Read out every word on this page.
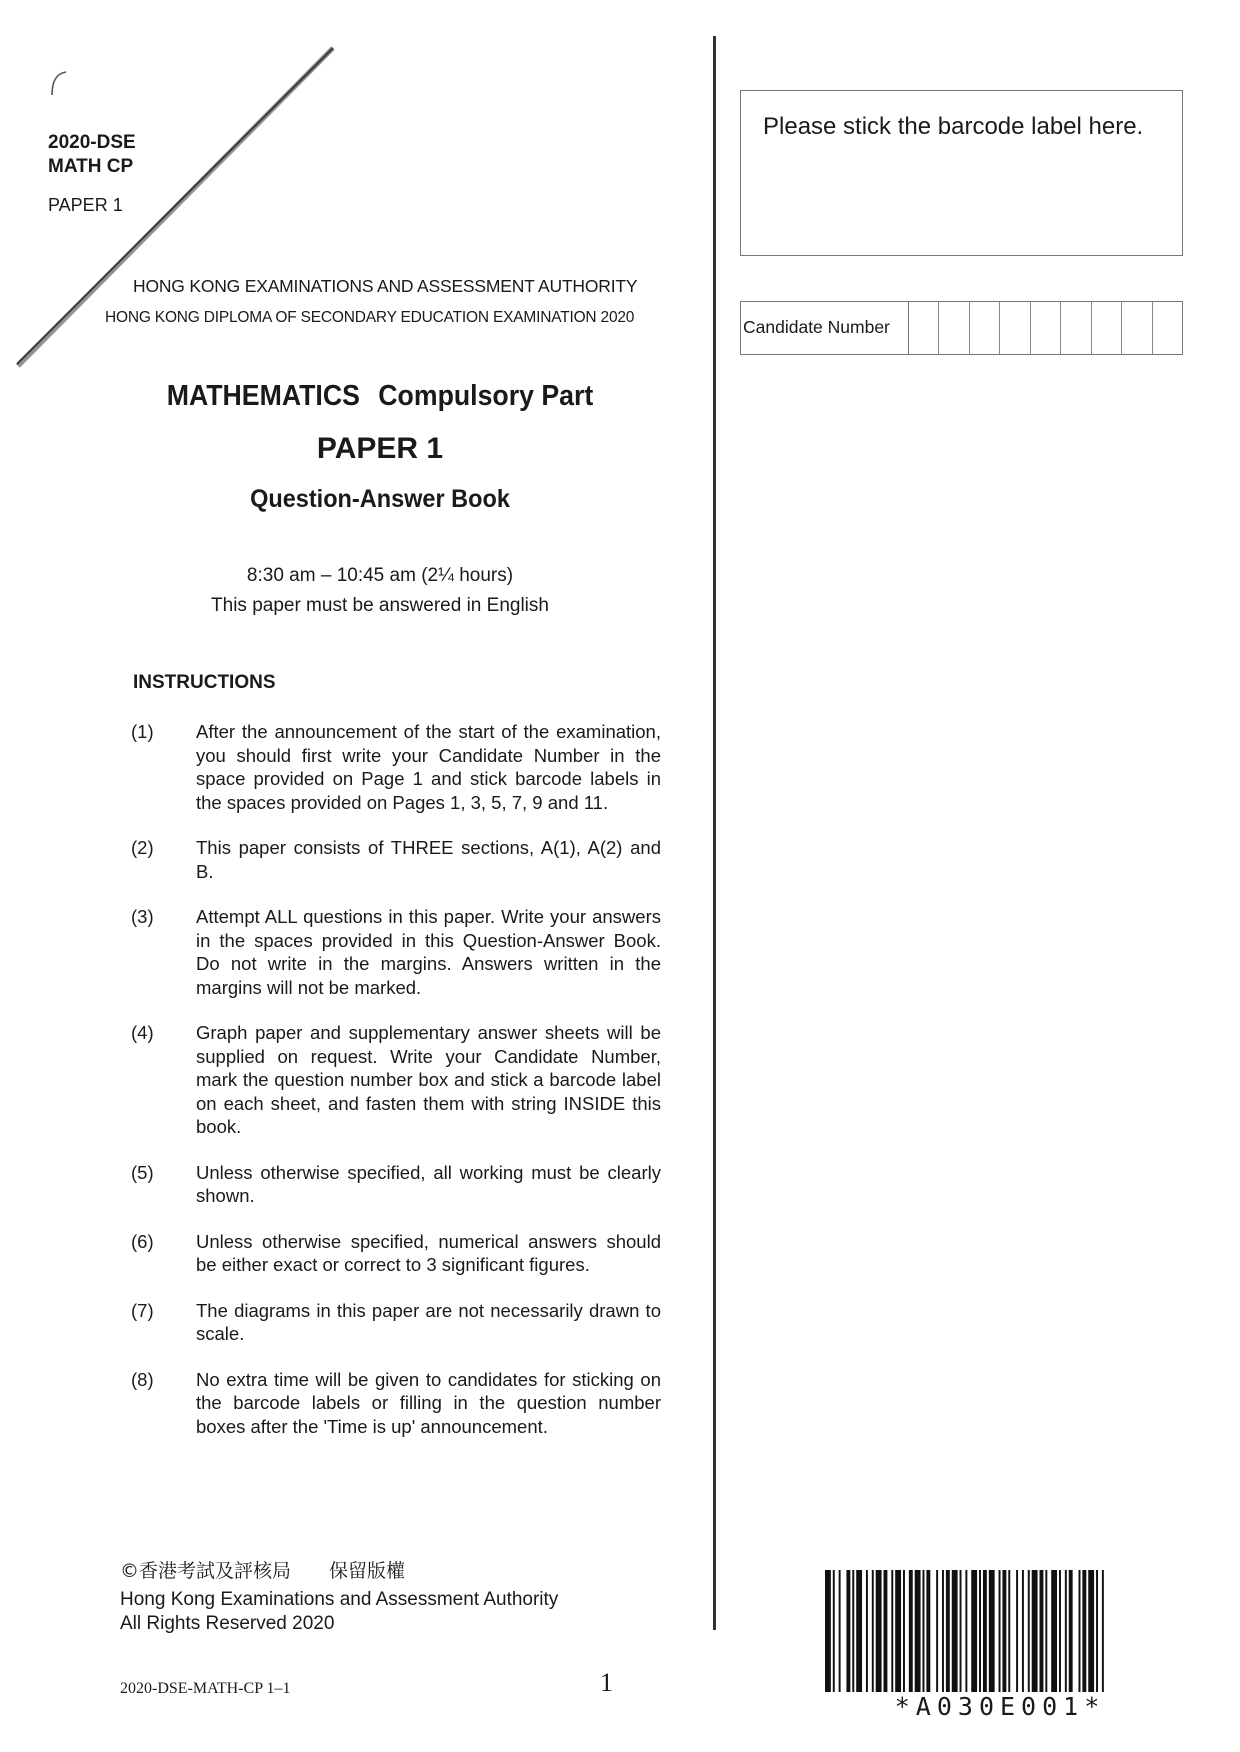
2020-DSE
MATH CP
PAPER 1
HONG KONG EXAMINATIONS AND ASSESSMENT AUTHORITY
HONG KONG DIPLOMA OF SECONDARY EDUCATION EXAMINATION 2020
MATHEMATICS Compulsory Part
PAPER 1
Question-Answer Book
8:30 am – 10:45 am (2¼ hours)
This paper must be answered in English
INSTRUCTIONS
(1)	After the announcement of the start of the examination, you should first write your Candidate Number in the space provided on Page 1 and stick barcode labels in the spaces provided on Pages 1, 3, 5, 7, 9 and 11.
(2)	This paper consists of THREE sections, A(1), A(2) and B.
(3)	Attempt ALL questions in this paper. Write your answers in the spaces provided in this Question-Answer Book. Do not write in the margins. Answers written in the margins will not be marked.
(4)	Graph paper and supplementary answer sheets will be supplied on request. Write your Candidate Number, mark the question number box and stick a barcode label on each sheet, and fasten them with string INSIDE this book.
(5)	Unless otherwise specified, all working must be clearly shown.
(6)	Unless otherwise specified, numerical answers should be either exact or correct to 3 significant figures.
(7)	The diagrams in this paper are not necessarily drawn to scale.
(8)	No extra time will be given to candidates for sticking on the barcode labels or filling in the question number boxes after the 'Time is up' announcement.
©香港考試及評核局　　保留版權
Hong Kong Examinations and Assessment Authority
All Rights Reserved 2020
2020-DSE-MATH-CP 1–1	1
Please stick the barcode label here.
Candidate Number
*A030E001*
